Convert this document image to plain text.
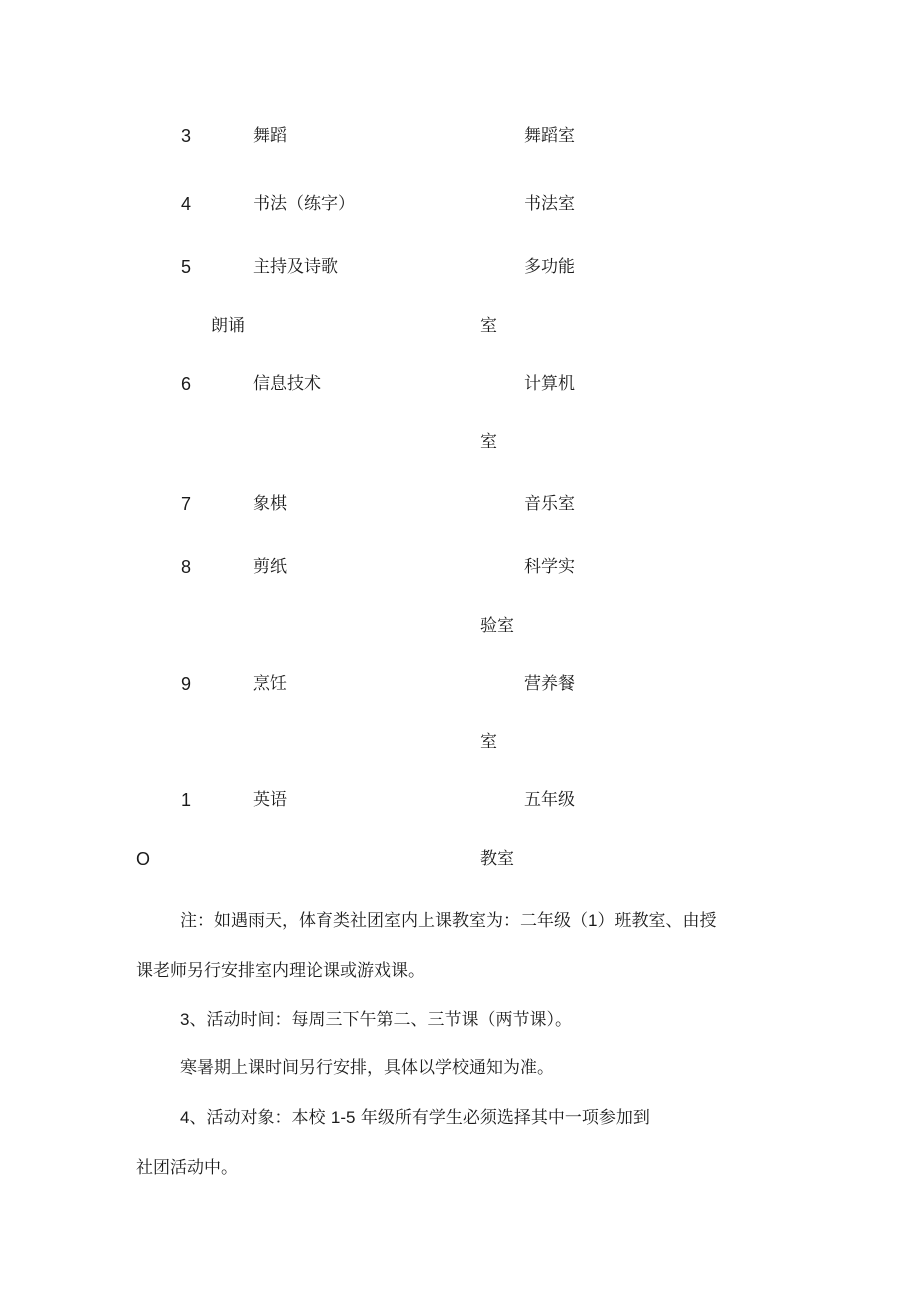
3	舞蹈	舞蹈室
4	书法（练字）	书法室
5	主持及诗歌	多功能
朗诵	室
6	信息技术	计算机
室
7	象棋	音乐室
8	剪纸	科学实
验室
9	烹饪	营养餐
室
1	英语	五年级
O	教室
注：如遇雨天，体育类社团室内上课教室为：二年级（1）班教室、由授
课老师另行安排室内理论课或游戏课。
3、活动时间：每周三下午第二、三节课（两节课）。
寒暑期上课时间另行安排，具体以学校通知为准。
4、活动对象：本校 1-5 年级所有学生必须选择其中一项参加到
社团活动中。
